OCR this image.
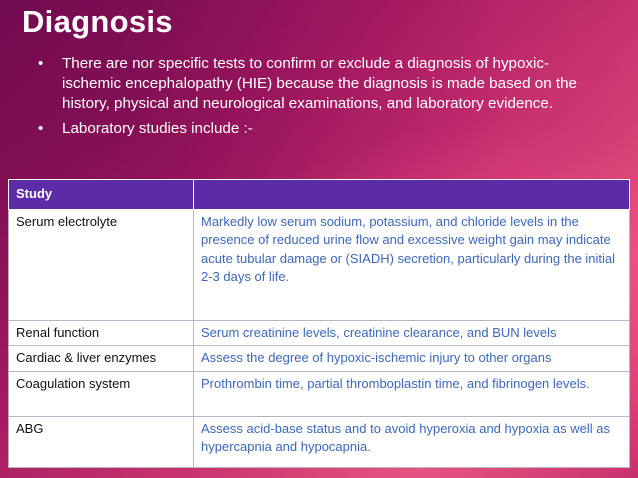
Diagnosis
• There are nor specific tests to confirm or exclude a diagnosis of hypoxic-ischemic encephalopathy (HIE) because the diagnosis is made based on the history, physical and neurological examinations, and laboratory evidence.
• Laboratory studies include :-
Study	
Serum electrolyte	Markedly low serum sodium, potassium, and chloride levels in the presence of reduced urine flow and excessive weight gain may indicate acute tubular damage or (SIADH) secretion, particularly during the initial 2-3 days of life.
Renal function	Serum creatinine levels, creatinine clearance, and BUN levels
Cardiac & liver enzymes	Assess the degree of hypoxic-ischemic injury to other organs
Coagulation system	Prothrombin time, partial thromboplastin time, and fibrinogen levels.
ABG	Assess acid-base status and to avoid hyperoxia and hypoxia as well as hypercapnia and hypocapnia.
